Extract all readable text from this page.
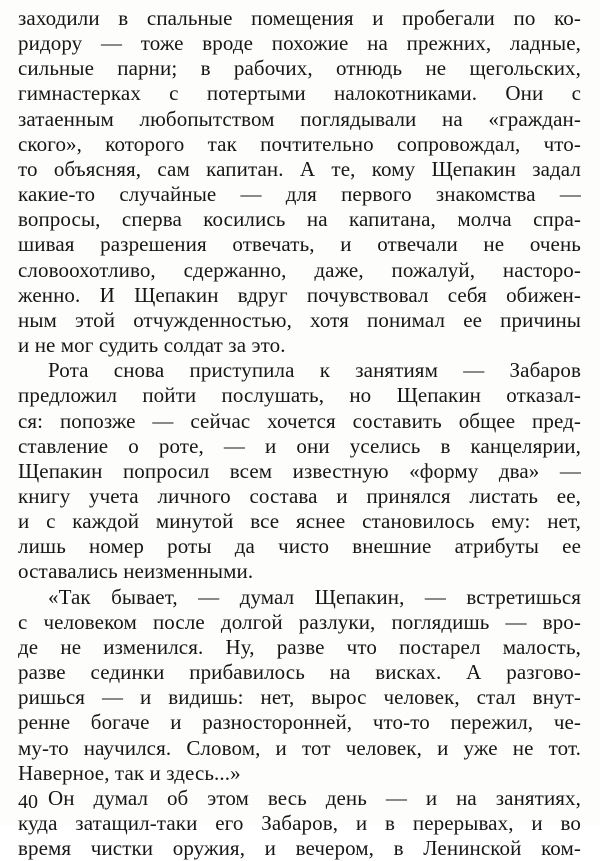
заходили в спальные помещения и пробегали по ко-
ридору — тоже вроде похожие на прежних, ладные,
сильные парни; в рабочих, отнюдь не щегольских,
гимнастерках с потертыми налокотниками. Они с
затаенным любопытством поглядывали на «граждан-
ского», которого так почтительно сопровождал, что-
то объясняя, сам капитан. А те, кому Щепакин задал
какие-то случайные — для первого знакомства —
вопросы, сперва косились на капитана, молча спра-
шивая разрешения отвечать, и отвечали не очень
словоохотливо, сдержанно, даже, пожалуй, насторо-
женно. И Щепакин вдруг почувствовал себя обижен-
ным этой отчужденностью, хотя понимал ее причины
и не мог судить солдат за это.
Рота снова приступила к занятиям — Забаров
предложил пойти послушать, но Щепакин отказал-
ся: попозже — сейчас хочется составить общее пред-
ставление о роте, — и они уселись в канцелярии,
Щепакин попросил всем известную «форму два» —
книгу учета личного состава и принялся листать ее,
и с каждой минутой все яснее становилось ему: нет,
лишь номер роты да чисто внешние атрибуты ее
оставались неизменными.
«Так бывает, — думал Щепакин, — встретишься
с человеком после долгой разлуки, поглядишь — вро-
де не изменился. Ну, разве что постарел малость,
разве сединки прибавилось на висках. А разгово-
ришься — и видишь: нет, вырос человек, стал внут-
ренне богаче и разносторонней, что-то пережил, че-
му-то научился. Словом, и тот человек, и уже не тот.
Наверное, так и здесь...»
Он думал об этом весь день — и на занятиях,
куда затащил-таки его Забаров, и в перерывах, и во
время чистки оружия, и вечером, в Ленинской ком-
40
